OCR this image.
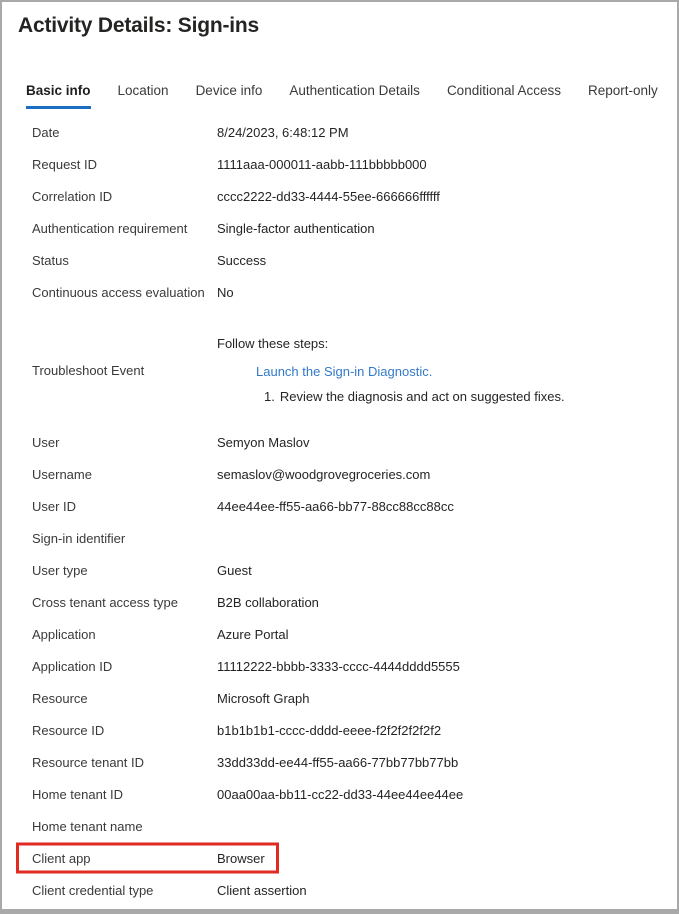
Activity Details: Sign-ins
Basic info Location Device info Authentication Details Conditional Access Report-only
Date	8/24/2023, 6:48:12 PM
Request ID	1111aaa-000011-aabb-111bbbbb000
Correlation ID	cccc2222-dd33-4444-55ee-666666ffffff
Authentication requirement	Single-factor authentication
Status	Success
Continuous access evaluation No
Troubleshoot Event
Follow these steps:
Launch the Sign-in Diagnostic.
1. Review the diagnosis and act on suggested fixes.
User	Semyon Maslov
Username	semaslov@woodgrovegroceries.com
User ID	44ee44ee-ff55-aa66-bb77-88cc88cc88cc
Sign-in identifier
User type	Guest
Cross tenant access type	B2B collaboration
Application	Azure Portal
Application ID	11112222-bbbb-3333-cccc-4444dddd5555
Resource	Microsoft Graph
Resource ID	b1b1b1b1-cccc-dddd-eeee-f2f2f2f2f2f2
Resource tenant ID	33dd33dd-ee44-ff55-aa66-77bb77bb77bb
Home tenant ID	00aa00aa-bb11-cc22-dd33-44ee44ee44ee
Home tenant name
Client app	Browser
Client credential type	Client assertion
